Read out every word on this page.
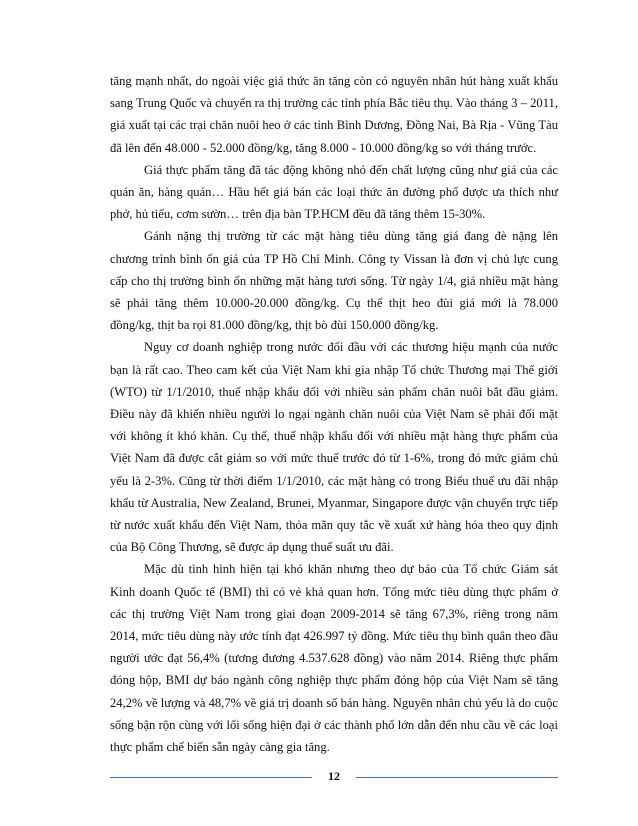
tăng mạnh nhất, do ngoài việc giá thức ăn tăng còn có nguyên nhân hút hàng xuất khẩu sang Trung Quốc và chuyển ra thị trường các tỉnh phía Bắc tiêu thụ. Vào tháng 3 – 2011, giá xuất tại các trại chăn nuôi heo ở các tỉnh Bình Dương, Đồng Nai, Bà Rịa - Vũng Tàu đã lên đến 48.000 - 52.000 đồng/kg, tăng 8.000 - 10.000 đồng/kg so với tháng trước.

Giá thực phẩm tăng đã tác động không nhỏ đến chất lượng cũng như giá của các quán ăn, hàng quán… Hầu hết giá bán các loại thức ăn đường phố được ưa thích như phở, hủ tiếu, cơm sườn… trên địa bàn TP.HCM đều đã tăng thêm 15-30%.

Gánh nặng thị trường từ các mặt hàng tiêu dùng tăng giá đang đè nặng lên chương trình bình ổn giá của TP Hồ Chí Minh. Công ty Vissan là đơn vị chủ lực cung cấp cho thị trường bình ổn những mặt hàng tươi sống. Từ ngày 1/4, giá nhiều mặt hàng sẽ phải tăng thêm 10.000-20.000 đồng/kg. Cụ thể thịt heo đùi giá mới là 78.000 đồng/kg, thịt ba rọi 81.000 đồng/kg, thịt bò đùi 150.000 đồng/kg.

Nguy cơ doanh nghiệp trong nước đối đầu với các thương hiệu mạnh của nước bạn là rất cao. Theo cam kết của Việt Nam khi gia nhập Tổ chức Thương mại Thế giới (WTO) từ 1/1/2010, thuế nhập khẩu đối với nhiều sản phẩm chăn nuôi bắt đầu giảm. Điều này đã khiến nhiều người lo ngại ngành chăn nuôi của Việt Nam sẽ phải đối mặt với không ít khó khăn. Cụ thể, thuế nhập khẩu đối với nhiều mặt hàng thực phẩm của Việt Nam đã được cắt giảm so với mức thuế trước đó từ 1-6%, trong đó mức giảm chủ yếu là 2-3%. Cũng từ thời điểm 1/1/2010, các mặt hàng có trong Biểu thuế ưu đãi nhập khẩu từ Australia, New Zealand, Brunei, Myanmar, Singapore được vận chuyển trực tiếp từ nước xuất khẩu đến Việt Nam, thỏa mãn quy tắc về xuất xứ hàng hóa theo quy định của Bộ Công Thương, sẽ được áp dụng thuế suất ưu đãi.

Mặc dù tình hình hiện tại khó khăn nhưng theo dự báo của Tổ chức Giám sát Kinh doanh Quốc tế (BMI) thì có vẻ khả quan hơn. Tổng mức tiêu dùng thực phẩm ở các thị trường Việt Nam trong giai đoạn 2009-2014 sẽ tăng 67,3%, riêng trong năm 2014, mức tiêu dùng này ước tính đạt 426.997 tỷ đồng. Mức tiêu thụ bình quân theo đầu người ước đạt 56,4% (tương đương 4.537.628 đồng) vào năm 2014. Riêng thực phẩm đóng hộp, BMI dự báo ngành công nghiệp thực phẩm đóng hộp của Việt Nam sẽ tăng 24,2% về lượng và 48,7% về giá trị doanh số bán hàng. Nguyên nhân chủ yếu là do cuộc sống bận rộn cùng với lối sống hiện đại ở các thành phố lớn dẫn đến nhu cầu về các loại thực phẩm chế biến sẵn ngày càng gia tăng.

12
